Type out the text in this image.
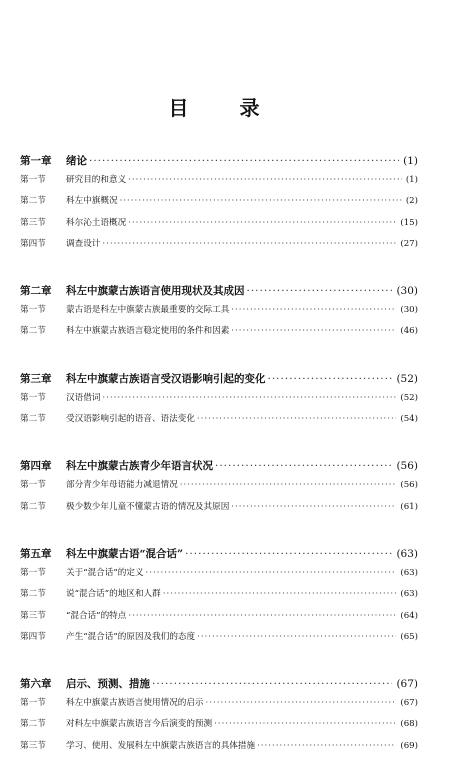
目 录
第一章	绪论 ·····	(1)
第一节	研究目的和意义 ·····	(1)
第二节	科左中旗概况 ·····	(2)
第三节	科尔沁土语概况 ·····	(15)
第四节	调查设计 ·····	(27)
第二章	科左中旗蒙古族语言使用现状及其成因 ·····	(30)
第一节	蒙古语是科左中旗蒙古族最重要的交际工具 ·····	(30)
第二节	科左中旗蒙古族语言稳定使用的条件和因素 ·····	(46)
第三章	科左中旗蒙古族语言受汉语影响引起的变化 ·····	(52)
第一节	汉语借词 ·····	(52)
第二节	受汉语影响引起的语音、语法变化 ·····	(54)
第四章	科左中旗蒙古族青少年语言状况 ·····	(56)
第一节	部分青少年母语能力减退情况 ·····	(56)
第二节	极少数少年儿童不懂蒙古语的情况及其原因 ·····	(61)
第五章	科左中旗蒙古语“混合话” ·····	(63)
第一节	关于“混合话”的定义 ·····	(63)
第二节	说“混合话”的地区和人群 ·····	(63)
第三节	“混合话”的特点 ·····	(64)
第四节	产生“混合话”的原因及我们的态度 ·····	(65)
第六章	启示、预测、措施 ·····	(67)
第一节	科左中旗蒙古族语言使用情况的启示 ·····	(67)
第二节	对科左中旗蒙古族语言今后演变的预测 ·····	(68)
第三节	学习、使用、发展科左中旗蒙古族语言的具体措施 ·····	(69)
